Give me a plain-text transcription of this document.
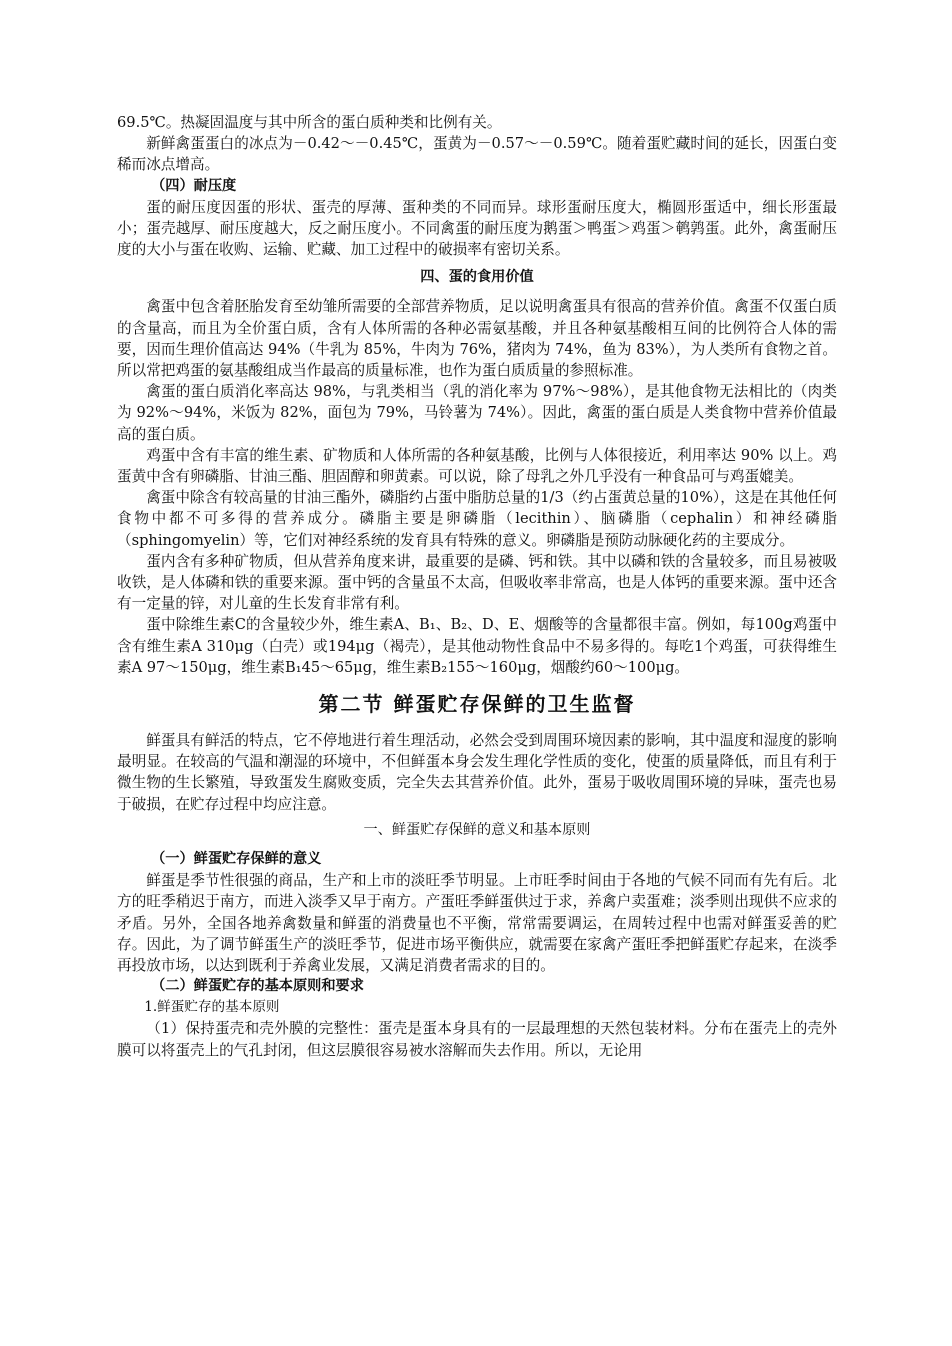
69.5℃。热凝固温度与其中所含的蛋白质种类和比例有关。

新鲜禽蛋蛋白的冰点为－0.42～－0.45℃，蛋黄为－0.57～－0.59℃。随着蛋贮藏时间的延长，因蛋白变稀而冰点增高。

（四）耐压度

蛋的耐压度因蛋的形状、蛋壳的厚薄、蛋种类的不同而异。球形蛋耐压度大，椭圆形蛋适中，细长形蛋最小；蛋壳越厚、耐压度越大，反之耐压度小。不同禽蛋的耐压度为鹅蛋＞鸭蛋＞鸡蛋＞鹌鹑蛋。此外，禽蛋耐压度的大小与蛋在收购、运输、贮藏、加工过程中的破损率有密切关系。

四、蛋的食用价值

禽蛋中包含着胚胎发育至幼雏所需要的全部营养物质，足以说明禽蛋具有很高的营养价值。禽蛋不仅蛋白质的含量高，而且为全价蛋白质，含有人体所需的各种必需氨基酸，并且各种氨基酸相互间的比例符合人体的需要，因而生理价值高达 94%（牛乳为 85%，牛肉为 76%，猪肉为 74%，鱼为 83%），为人类所有食物之首。所以常把鸡蛋的氨基酸组成当作最高的质量标准，也作为蛋白质质量的参照标准。

禽蛋的蛋白质消化率高达 98%，与乳类相当（乳的消化率为 97%～98%），是其他食物无法相比的（肉类为 92%～94%，米饭为 82%，面包为 79%，马铃薯为 74%）。因此，禽蛋的蛋白质是人类食物中营养价值最高的蛋白质。

鸡蛋中含有丰富的维生素、矿物质和人体所需的各种氨基酸，比例与人体很接近，利用率达 90% 以上。鸡蛋黄中含有卵磷脂、甘油三酯、胆固醇和卵黄素。可以说，除了母乳之外几乎没有一种食品可与鸡蛋媲美。

禽蛋中除含有较高量的甘油三酯外，磷脂约占蛋中脂肪总量的1/3（约占蛋黄总量的10%），这是在其他任何食物中都不可多得的营养成分。磷脂主要是卵磷脂（lecithin）、脑磷脂（cephalin）和神经磷脂（sphingomyelin）等，它们对神经系统的发育具有特殊的意义。卵磷脂是预防动脉硬化药的主要成分。

蛋内含有多种矿物质，但从营养角度来讲，最重要的是磷、钙和铁。其中以磷和铁的含量较多，而且易被吸收铁，是人体磷和铁的重要来源。蛋中钙的含量虽不太高，但吸收率非常高，也是人体钙的重要来源。蛋中还含有一定量的锌，对儿童的生长发育非常有利。

蛋中除维生素C的含量较少外，维生素A、B₁、B₂、D、E、烟酸等的含量都很丰富。例如，每100g鸡蛋中含有维生素A 310μg（白壳）或194μg（褐壳），是其他动物性食品中不易多得的。每吃1个鸡蛋，可获得维生素A 97～150μg，维生素B₁45～65μg，维生素B₂155～160μg，烟酸约60～100μg。

第二节 鲜蛋贮存保鲜的卫生监督

鲜蛋具有鲜活的特点，它不停地进行着生理活动，必然会受到周围环境因素的影响，其中温度和湿度的影响最明显。在较高的气温和潮湿的环境中，不但鲜蛋本身会发生理化学性质的变化，使蛋的质量降低，而且有利于微生物的生长繁殖，导致蛋发生腐败变质，完全失去其营养价值。此外，蛋易于吸收周围环境的异味，蛋壳也易于破损，在贮存过程中均应注意。

一、鲜蛋贮存保鲜的意义和基本原则

（一）鲜蛋贮存保鲜的意义

鲜蛋是季节性很强的商品，生产和上市的淡旺季节明显。上市旺季时间由于各地的气候不同而有先有后。北方的旺季稍迟于南方，而进入淡季又早于南方。产蛋旺季鲜蛋供过于求，养禽户卖蛋难；淡季则出现供不应求的矛盾。另外，全国各地养禽数量和鲜蛋的消费量也不平衡，常常需要调运，在周转过程中也需对鲜蛋妥善的贮存。因此，为了调节鲜蛋生产的淡旺季节，促进市场平衡供应，就需要在家禽产蛋旺季把鲜蛋贮存起来，在淡季再投放市场，以达到既利于养禽业发展，又满足消费者需求的目的。

（二）鲜蛋贮存的基本原则和要求

1.鲜蛋贮存的基本原则

（1）保持蛋壳和壳外膜的完整性：蛋壳是蛋本身具有的一层最理想的天然包装材料。分布在蛋壳上的壳外膜可以将蛋壳上的气孔封闭，但这层膜很容易被水溶解而失去作用。所以，无论用
